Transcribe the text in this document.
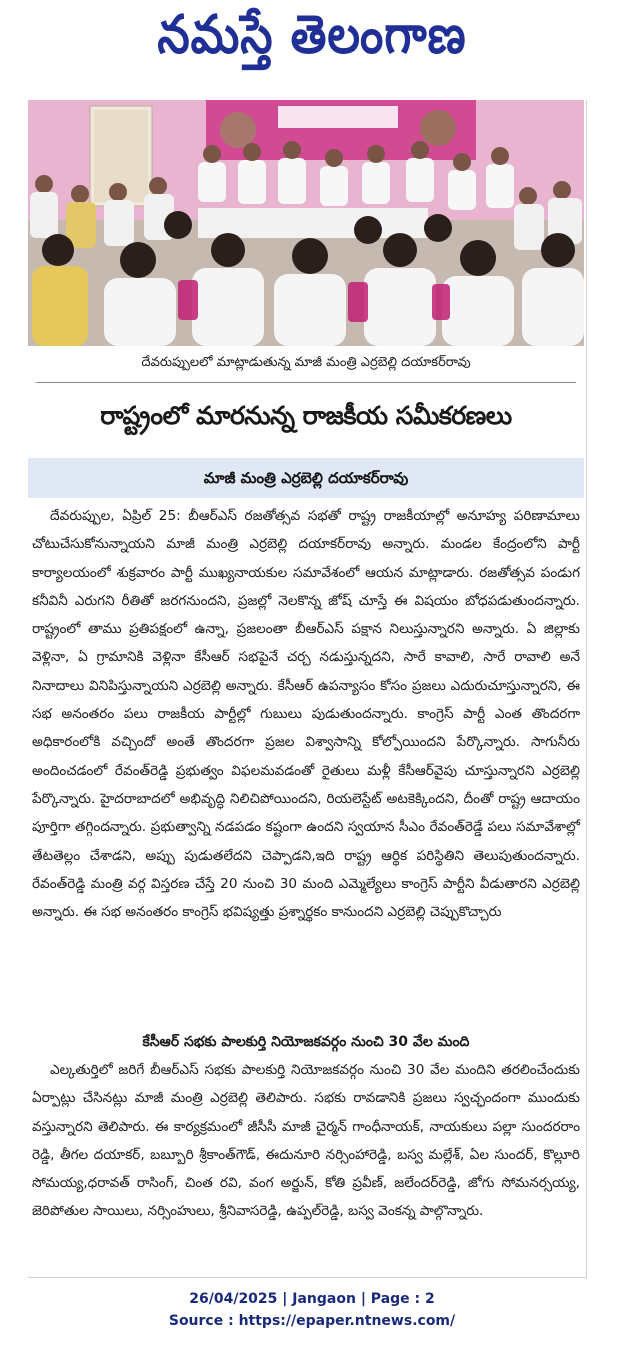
నమస్తే తెలంగాణ
దేవరుప్పులలో మాట్లాడుతున్న మాజీ మంత్రి ఎర్రబెల్లి దయాకర్‌రావు
రాష్ట్రంలో మారనున్న రాజకీయ సమీకరణలు
మాజీ మంత్రి ఎర్రబెల్లి దయాకర్‌రావు

దేవరుప్పుల, ఏప్రిల్ 25: బీఆర్‌ఎస్ రజతోత్సవ సభతో రాష్ట్ర రాజకీయాల్లో అనూహ్య పరిణామాలు చోటుచేసుకోనున్నాయని మాజీ మంత్రి ఎర్రబెల్లి దయాకర్‌రావు అన్నారు. మండల కేంద్రంలోని పార్టీ కార్యాలయంలో శుక్రవారం పార్టీ ముఖ్యనాయకుల సమావేశంలో ఆయన మాట్లాడారు. రజతోత్సవ పండుగ కనీవినీ ఎరుగని రీతితో జరగనుందని, ప్రజల్లో నెలకొన్న జోష్ చూస్తే ఈ విషయం బోధపడుతుందన్నారు. రాష్ట్రంలో తాము ప్రతిపక్షంలో ఉన్నా, ప్రజలంతా బీఆర్‌ఎస్ పక్షాన నిలుస్తున్నారని అన్నారు. ఏ జిల్లాకు వెళ్లినా, ఏ గ్రామానికి వెళ్లినా కేసీఆర్ సభపైనే చర్చ నడుస్తున్నదని, సారే కావాలి, సారే రావాలి అనే నినాదాలు వినిపిస్తున్నాయని ఎర్రబెల్లి అన్నారు. కేసీఆర్ ఉపన్యాసం కోసం ప్రజలు ఎదురుచూస్తున్నారని, ఈ సభ అనంతరం పలు రాజకీయ పార్టీల్లో గుబులు పుడుతుందన్నారు. కాంగ్రెస్ పార్టీ ఎంత తొందరగా అధికారంలోకి వచ్చిందో అంతే తొందరగా ప్రజల విశ్వాసాన్ని కోల్పోయిందని పేర్కొన్నారు. సాగునీరు అందించడంలో రేవంత్‌రెడ్డి ప్రభుత్వం విఫలమవడంతో రైతులు మళ్లీ కేసీఆర్‌వైపు చూస్తున్నారని ఎర్రబెల్లి పేర్కొన్నారు. హైదరాబాదలో అభివృద్ధి నిలిచిపోయిందని, రియలెస్టేట్ అటకెక్కిందని, దీంతో రాష్ట్ర ఆదాయం పూర్తిగా తగ్గిందన్నారు. ప్రభుత్వాన్ని నడపడం కష్టంగా ఉందని స్వయాన సీఎం రేవంత్‌రెడ్డే పలు సమావేశాల్లో తేటతెల్లం చేశాడని, అప్పు పుడుతలేదని చెప్పాడని,ఇది రాష్ట్ర ఆర్థిక పరిస్థితిని తెలుపుతుందన్నారు. రేవంత్‌రెడ్డి మంత్రి వర్గ విస్తరణ చేస్తే 20 నుంచి 30 మంది ఎమ్మెల్యేలు కాంగ్రెస్ పార్టీని వీడుతారని ఎర్రబెల్లి అన్నారు. ఈ సభ అనంతరం కాంగ్రెస్ భవిష్యత్తు ప్రశ్నార్థకం కానుందని ఎర్రబెల్లి చెప్పుకొచ్చారు

కేసీఆర్ సభకు పాలకుర్తి నియోజకవర్గం నుంచి 30 వేల మంది

ఎల్కతుర్తిలో జరిగే బీఆర్‌ఎస్ సభకు పాలకుర్తి నియోజకవర్గం నుంచి 30 వేల మందిని తరలించేందుకు ఏర్పాట్లు చేసినట్లు మాజీ మంత్రి ఎర్రబెల్లి తెలిపారు. సభకు రావడానికి ప్రజలు స్వచ్ఛందంగా ముందుకు వస్తున్నారని తెలిపారు. ఈ కార్యక్రమంలో జీసీసీ మాజీ చైర్మన్ గాంధీనాయక్, నాయకులు పల్లా సుందరరాం రెడ్డి, తీగల దయాకర్, బబ్బూరి శ్రీకాంత్‌గౌడ్, ఈదునూరి నర్సింహారెడ్డి, బస్వ మల్లేశ్, ఏల సుందర్, కొల్లూరి సోమయ్య,ధరావత్ రాసింగ్, చింత రవి, వంగ అర్జున్, కోతి ప్రవీణ్, జలేందర్‌రెడ్డి, జోగు సోమనర్సయ్య, జెరిపోతుల సాయిలు, నర్సింహులు, శ్రీనివాసరెడ్డి, ఉప్పల్‌రెడ్డి, బస్వ వెంకన్న పాల్గొన్నారు.

26/04/2025 | Jangaon | Page : 2
Source : https://epaper.ntnews.com/
